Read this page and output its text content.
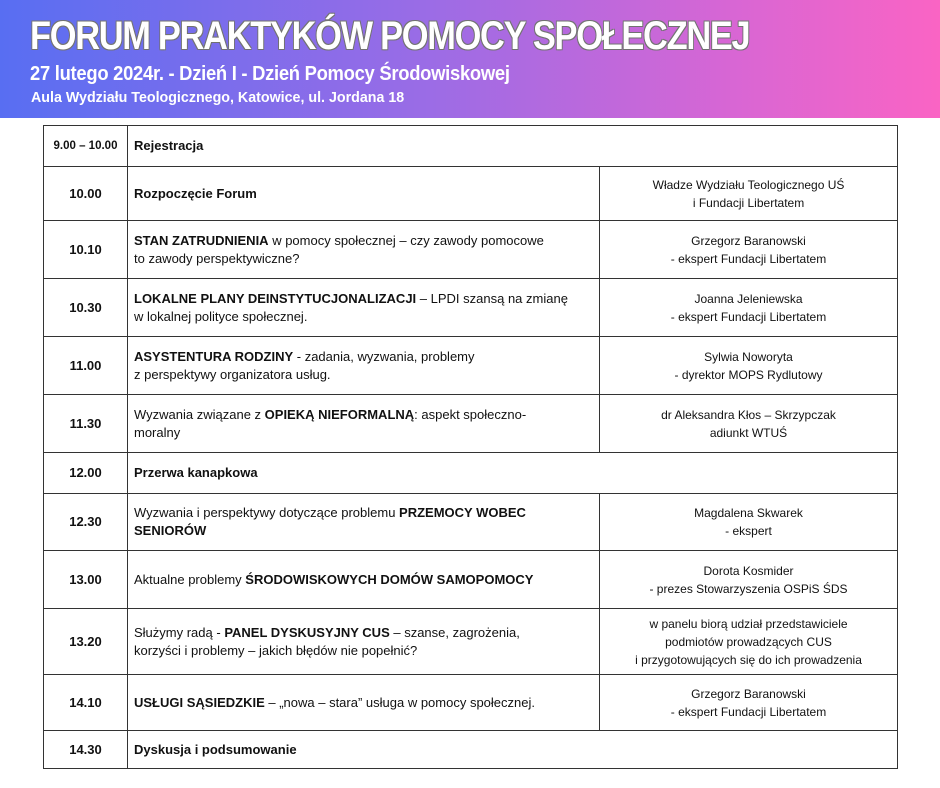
FORUM PRAKTYKÓW POMOCY SPOŁECZNEJ
27 lutego 2024r. - Dzień I - Dzień Pomocy Środowiskowej
Aula Wydziału Teologicznego, Katowice, ul. Jordana 18
9.00 – 10.00	Rejestracja	
10.00	Rozpoczęcie Forum	Władze Wydziału Teologicznego UŚ
i Fundacji Libertatem
10.10	STAN ZATRUDNIENIA w pomocy społecznej – czy zawody pomocowe
to zawody perspektywiczne?	Grzegorz Baranowski
- ekspert Fundacji Libertatem
10.30	LOKALNE PLANY DEINSTYTUCJONALIZACJI – LPDI szansą na zmianę
w lokalnej polityce społecznej.	Joanna Jeleniewska
- ekspert Fundacji Libertatem
11.00	ASYSTENTURA RODZINY - zadania, wyzwania, problemy
z perspektywy organizatora usług.	Sylwia Noworyta
- dyrektor MOPS Rydlutowy
11.30	Wyzwania związane z OPIEKĄ NIEFORMALNĄ: aspekt społeczno-
moralny	dr Aleksandra Kłos – Skrzypczak
adiunkt WTUŚ
12.00	Przerwa kanapkowa	
12.30	Wyzwania i perspektywy dotyczące problemu PRZEMOCY WOBEC
SENIORÓW	Magdalena Skwarek
- ekspert
13.00	Aktualne problemy ŚRODOWISKOWYCH DOMÓW SAMOPOMOCY	Dorota Kosmider
- prezes Stowarzyszenia OSPiS ŚDS
13.20	Służymy radą - PANEL DYSKUSYJNY CUS – szanse, zagrożenia,
korzyści i problemy – jakich błędów nie popełnić?	w panelu biorą udział przedstawiciele
podmiotów prowadzących CUS
i przygotowujących się do ich prowadzenia
14.10	USŁUGI SĄSIEDZKIE – „nowa – stara” usługa w pomocy społecznej.	Grzegorz Baranowski
- ekspert Fundacji Libertatem
14.30	Dyskusja i podsumowanie	
